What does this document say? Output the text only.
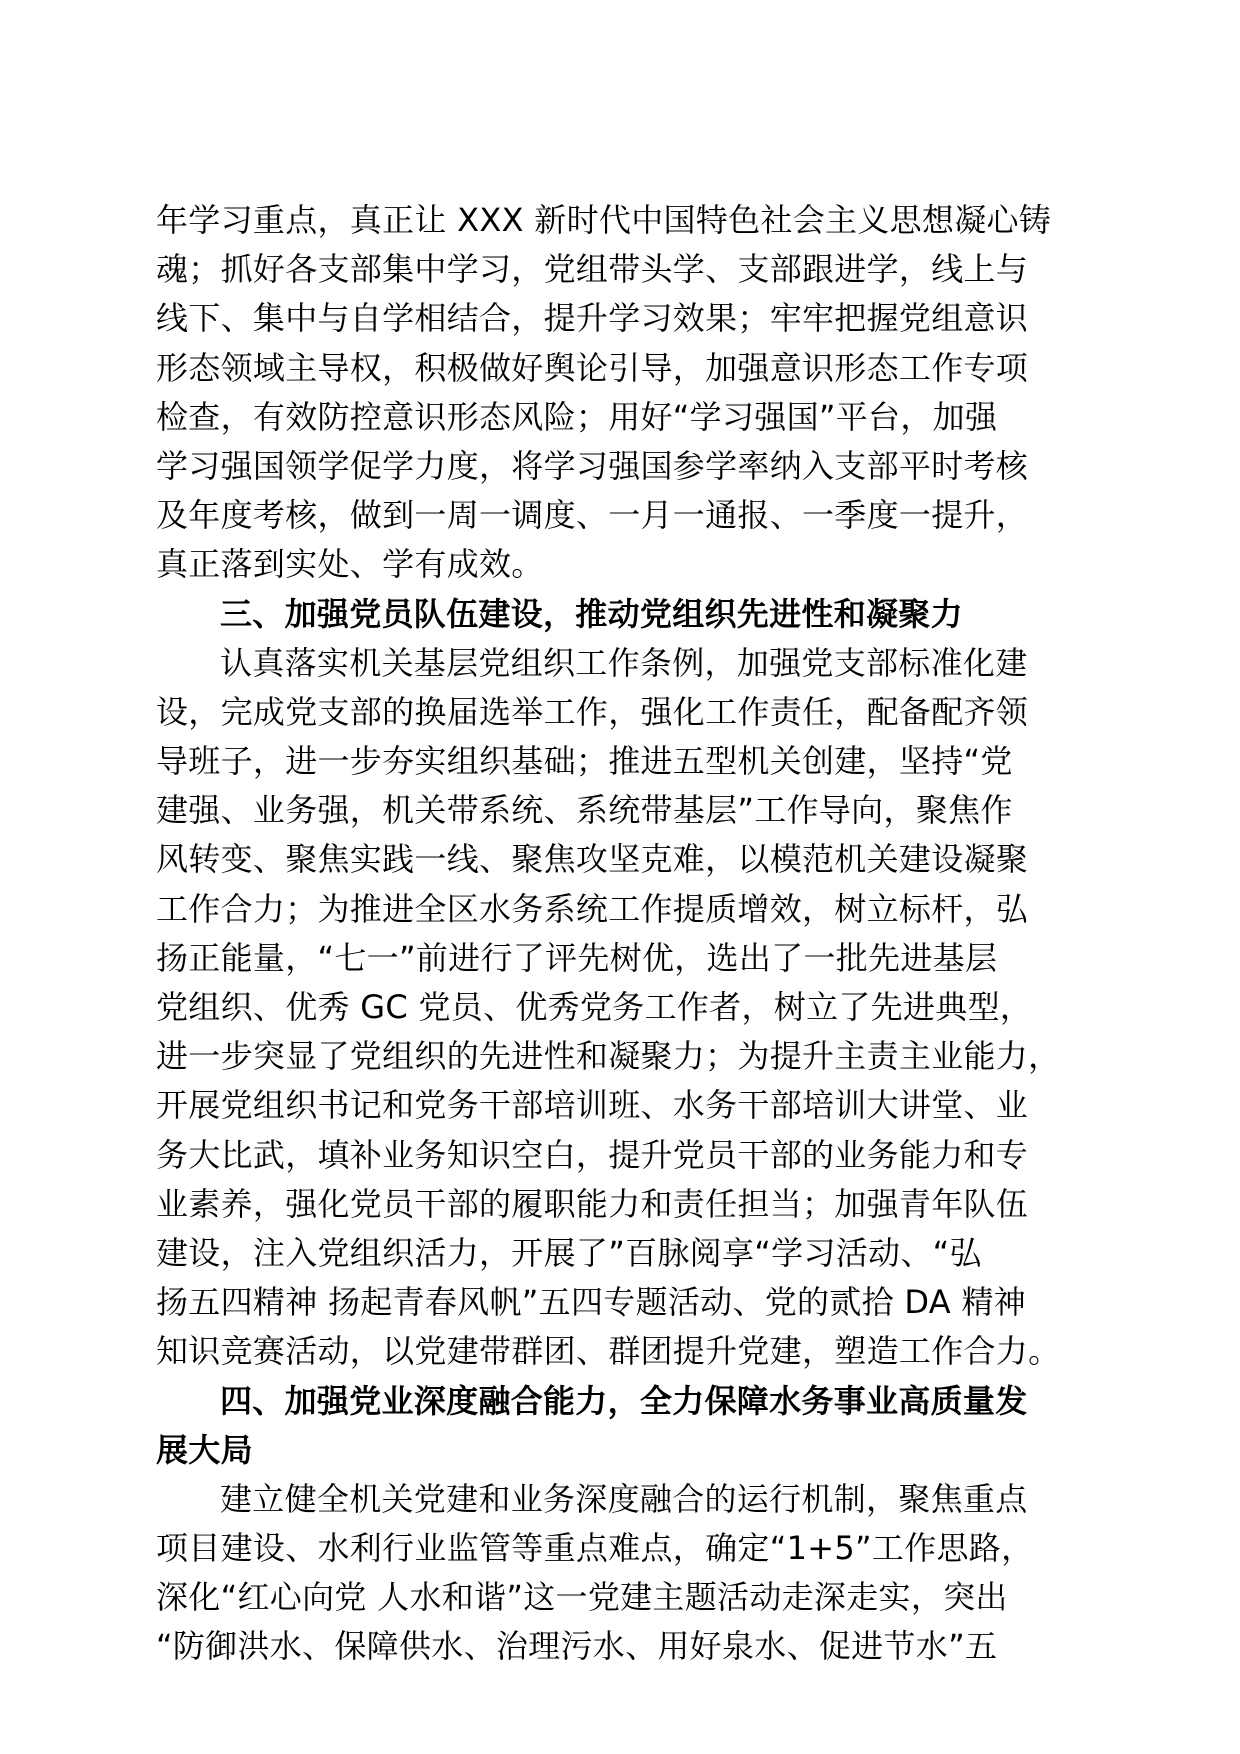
年学习重点，真正让 XXX 新时代中国特色社会主义思想凝心铸
魂；抓好各支部集中学习，党组带头学、支部跟进学，线上与
线下、集中与自学相结合，提升学习效果；牢牢把握党组意识
形态领域主导权，积极做好舆论引导，加强意识形态工作专项
检查，有效防控意识形态风险；用好“学习强国”平台，加强
学习强国领学促学力度，将学习强国参学率纳入支部平时考核
及年度考核，做到一周一调度、一月一通报、一季度一提升，
真正落到实处、学有成效。
三、加强党员队伍建设，推动党组织先进性和凝聚力
认真落实机关基层党组织工作条例，加强党支部标准化建
设，完成党支部的换届选举工作，强化工作责任，配备配齐领
导班子，进一步夯实组织基础；推进五型机关创建，坚持“党
建强、业务强，机关带系统、系统带基层”工作导向，聚焦作
风转变、聚焦实践一线、聚焦攻坚克难，以模范机关建设凝聚
工作合力；为推进全区水务系统工作提质增效，树立标杆，弘
扬正能量，“七一”前进行了评先树优，选出了一批先进基层
党组织、优秀 GC 党员、优秀党务工作者，树立了先进典型，
进一步突显了党组织的先进性和凝聚力；为提升主责主业能力，
开展党组织书记和党务干部培训班、水务干部培训大讲堂、业
务大比武，填补业务知识空白，提升党员干部的业务能力和专
业素养，强化党员干部的履职能力和责任担当；加强青年队伍
建设，注入党组织活力，开展了”百脉阅享“学习活动、“弘
扬五四精神 扬起青春风帆”五四专题活动、党的贰拾 DA 精神
知识竞赛活动，以党建带群团、群团提升党建，塑造工作合力。
四、加强党业深度融合能力，全力保障水务事业高质量发
展大局
建立健全机关党建和业务深度融合的运行机制，聚焦重点
项目建设、水利行业监管等重点难点，确定“1+5”工作思路，
深化“红心向党 人水和谐”这一党建主题活动走深走实，突出
“防御洪水、保障供水、治理污水、用好泉水、促进节水”五
